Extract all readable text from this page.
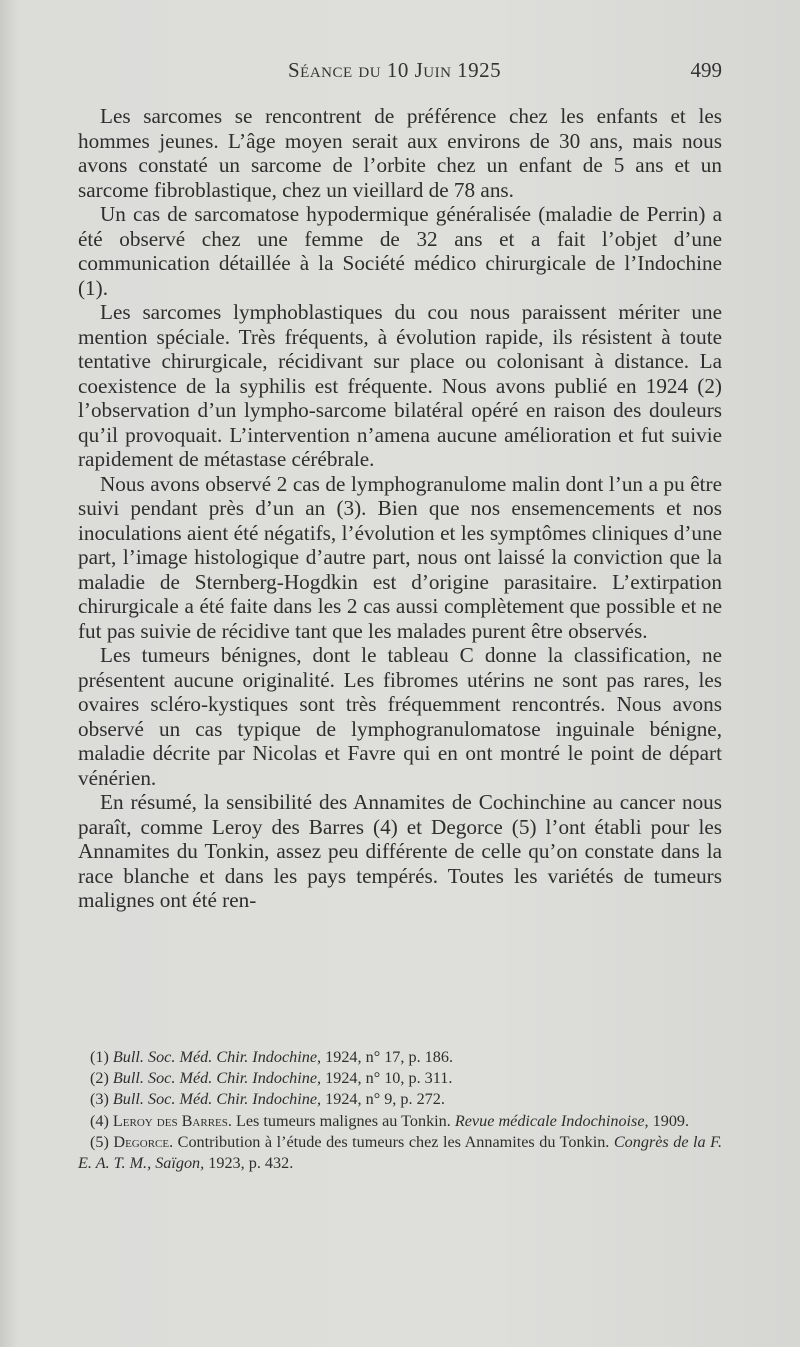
Séance du 10 Juin 1925	499

Les sarcomes se rencontrent de préférence chez les enfants et les hommes jeunes. L’âge moyen serait aux environs de 30 ans, mais nous avons constaté un sarcome de l’orbite chez un enfant de 5 ans et un sarcome fibroblastique, chez un vieillard de 78 ans.

Un cas de sarcomatose hypodermique généralisée (maladie de Perrin) a été observé chez une femme de 32 ans et a fait l’objet d’une communication détaillée à la Société médico chirurgicale de l’Indochine (1).

Les sarcomes lymphoblastiques du cou nous paraissent mériter une mention spéciale. Très fréquents, à évolution rapide, ils résistent à toute tentative chirurgicale, récidivant sur place ou colonisant à distance. La coexistence de la syphilis est fréquente. Nous avons publié en 1924 (2) l’observation d’un lympho-sarcome bilatéral opéré en raison des douleurs qu’il provoquait. L’intervention n’amena aucune amélioration et fut suivie rapidement de métastase cérébrale.

Nous avons observé 2 cas de lymphogranulome malin dont l’un a pu être suivi pendant près d’un an (3). Bien que nos ensemencements et nos inoculations aient été négatifs, l’évolution et les symptômes cliniques d’une part, l’image histologique d’autre part, nous ont laissé la conviction que la maladie de Sternberg-Hogdkin est d’origine parasitaire. L’extirpation chirurgicale a été faite dans les 2 cas aussi complètement que possible et ne fut pas suivie de récidive tant que les malades purent être observés.

Les tumeurs bénignes, dont le tableau C donne la classification, ne présentent aucune originalité. Les fibromes utérins ne sont pas rares, les ovaires scléro-kystiques sont très fréquemment rencontrés. Nous avons observé un cas typique de lymphogranulomatose inguinale bénigne, maladie décrite par Nicolas et Favre qui en ont montré le point de départ vénérien.

En résumé, la sensibilité des Annamites de Cochinchine au cancer nous paraît, comme Leroy des Barres (4) et Degorce (5) l’ont établi pour les Annamites du Tonkin, assez peu différente de celle qu’on constate dans la race blanche et dans les pays tempérés. Toutes les variétés de tumeurs malignes ont été ren-

(1) Bull. Soc. Méd. Chir. Indochine, 1924, n° 17, p. 186.

(2) Bull. Soc. Méd. Chir. Indochine, 1924, n° 10, p. 311.

(3) Bull. Soc. Méd. Chir. Indochine, 1924, n° 9, p. 272.

(4) Leroy des Barres. Les tumeurs malignes au Tonkin. Revue médicale Indochinoise, 1909.

(5) Degorce. Contribution à l’étude des tumeurs chez les Annamites du Tonkin. Congrès de la F. E. A. T. M., Saïgon, 1923, p. 432.
